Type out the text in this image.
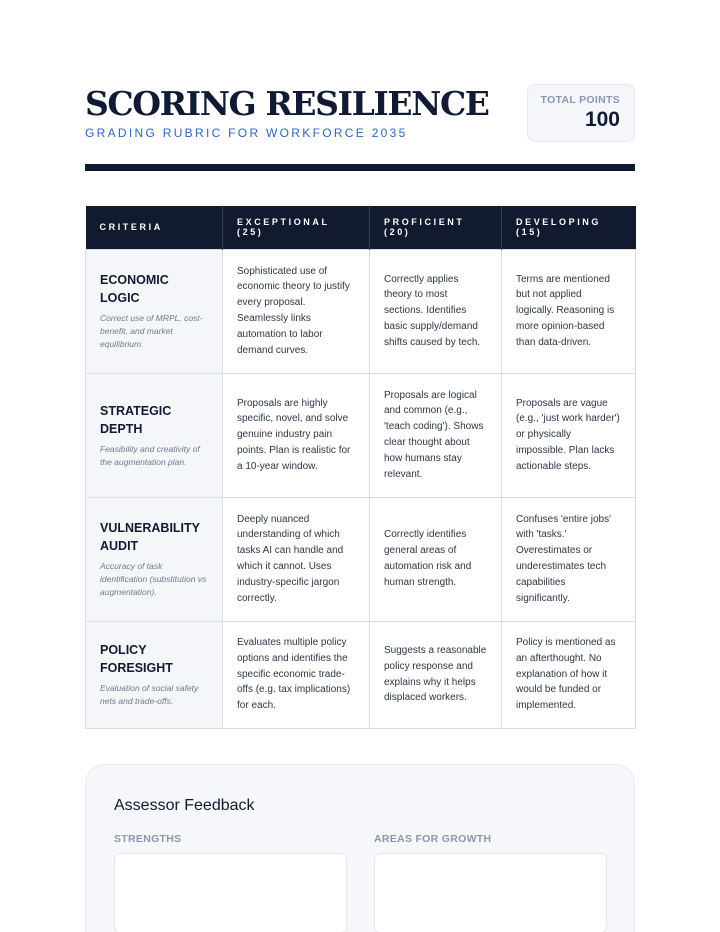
SCORING RESILIENCE
GRADING RUBRIC FOR WORKFORCE 2035
TOTAL POINTS
100
CRITERIA	EXCEPTIONAL (25)	PROFICIENT (20)	DEVELOPING (15)

ECONOMIC LOGIC
Correct use of MRPL, cost-benefit, and market equilibrium.	Sophisticated use of economic theory to justify every proposal. Seamlessly links automation to labor demand curves.	Correctly applies theory to most sections. Identifies basic supply/demand shifts caused by tech.	Terms are mentioned but not applied logically. Reasoning is more opinion-based than data-driven.

STRATEGIC DEPTH
Feasibility and creativity of the augmentation plan.	Proposals are highly specific, novel, and solve genuine industry pain points. Plan is realistic for a 10-year window.	Proposals are logical and common (e.g., 'teach coding'). Shows clear thought about how humans stay relevant.	Proposals are vague (e.g., 'just work harder') or physically impossible. Plan lacks actionable steps.

VULNERABILITY AUDIT
Accuracy of task identification (substitution vs augmentation).	Deeply nuanced understanding of which tasks AI can handle and which it cannot. Uses industry-specific jargon correctly.	Correctly identifies general areas of automation risk and human strength.	Confuses 'entire jobs' with 'tasks.' Overestimates or underestimates tech capabilities significantly.

POLICY FORESIGHT
Evaluation of social safety nets and trade-offs.	Evaluates multiple policy options and identifies the specific economic trade-offs (e.g. tax implications) for each.	Suggests a reasonable policy response and explains why it helps displaced workers.	Policy is mentioned as an afterthought. No explanation of how it would be funded or implemented.
Assessor Feedback
STRENGTHS	AREAS FOR GROWTH
